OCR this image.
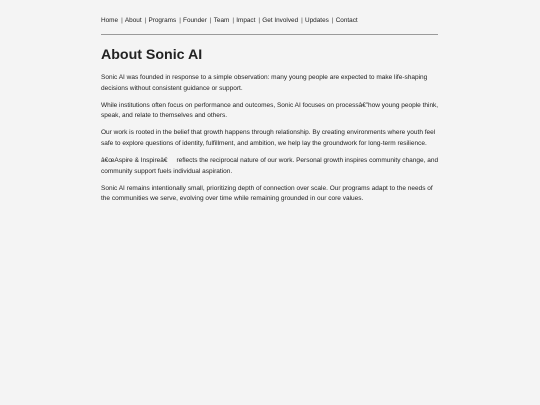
Home | About | Programs | Founder | Team | Impact | Get Involved | Updates | Contact
About Sonic AI

Sonic AI was founded in response to a simple observation: many young people are expected to make life-shaping decisions without consistent guidance or support.

While institutions often focus on performance and outcomes, Sonic AI focuses on processâ€”how young people think, speak, and relate to themselves and others.

Our work is rooted in the belief that growth happens through relationship. By creating environments where youth feel safe to explore questions of identity, fulfillment, and ambition, we help lay the groundwork for long-term resilience.

â€œAspire & Inspireâ€     reflects the reciprocal nature of our work. Personal growth inspires community change, and community support fuels individual aspiration.

Sonic AI remains intentionally small, prioritizing depth of connection over scale. Our programs adapt to the needs of the communities we serve, evolving over time while remaining grounded in our core values.
